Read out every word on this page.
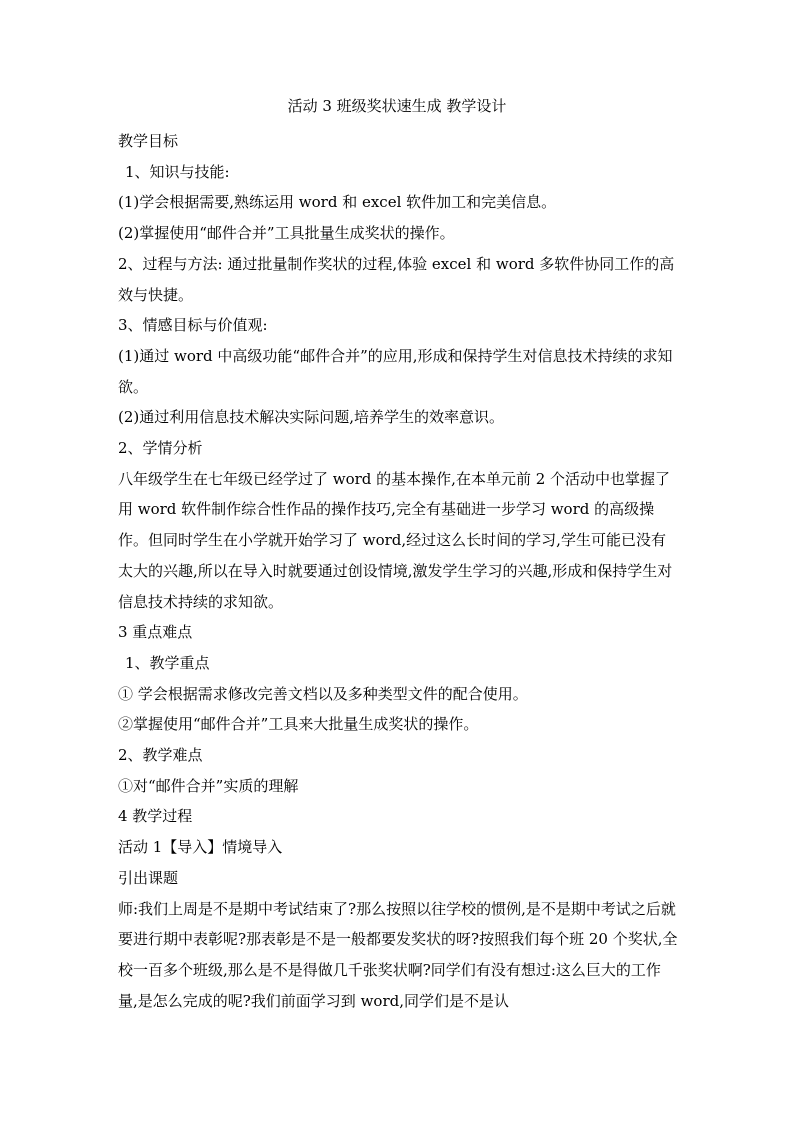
活动 3 班级奖状速生成 教学设计

教学目标

1、知识与技能:

(1)学会根据需要,熟练运用 word 和 excel 软件加工和完美信息。

(2)掌握使用“邮件合并”工具批量生成奖状的操作。

2、过程与方法: 通过批量制作奖状的过程,体验 excel 和 word 多软件协同工作的高效与快捷。

3、情感目标与价值观:

(1)通过 word 中高级功能“邮件合并”的应用,形成和保持学生对信息技术持续的求知欲。

(2)通过利用信息技术解决实际问题,培养学生的效率意识。

2、学情分析

八年级学生在七年级已经学过了 word 的基本操作,在本单元前 2 个活动中也掌握了用 word 软件制作综合性作品的操作技巧,完全有基础进一步学习 word 的高级操作。但同时学生在小学就开始学习了 word,经过这么长时间的学习,学生可能已没有太大的兴趣,所以在导入时就要通过创设情境,激发学生学习的兴趣,形成和保持学生对信息技术持续的求知欲。

3 重点难点

1、教学重点

① 学会根据需求修改完善文档以及多种类型文件的配合使用。

②掌握使用“邮件合并”工具来大批量生成奖状的操作。

2、教学难点

①对“邮件合并”实质的理解

4 教学过程

活动 1【导入】情境导入

引出课题

师:我们上周是不是期中考试结束了?那么按照以往学校的惯例,是不是期中考试之后就要进行期中表彰呢?那表彰是不是一般都要发奖状的呀?按照我们每个班 20 个奖状,全校一百多个班级,那么是不是得做几千张奖状啊?同学们有没有想过:这么巨大的工作量,是怎么完成的呢?我们前面学习到 word,同学们是不是认
